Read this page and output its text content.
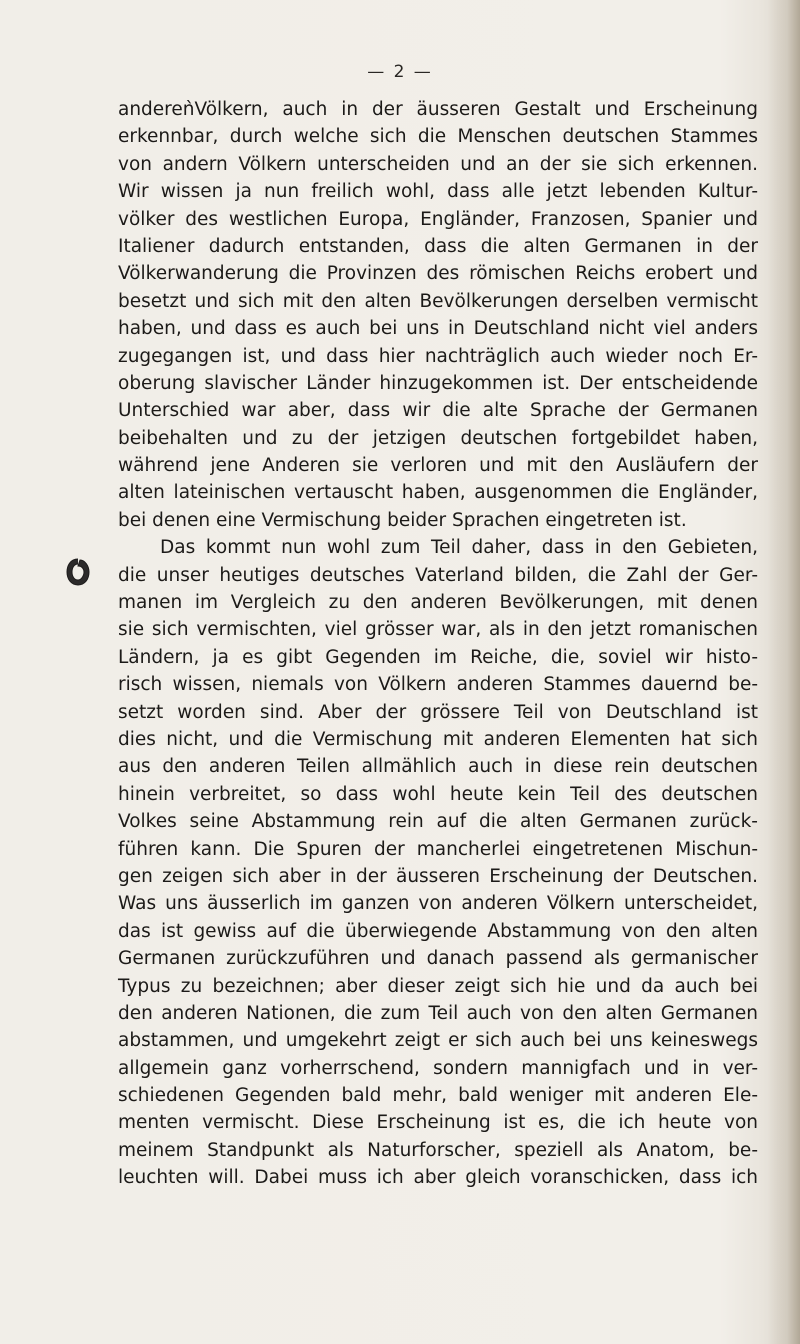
— 2 —
andereǹVölkern, auch in der äusseren Gestalt und Erscheinung
erkennbar, durch welche sich die Menschen deutschen Stammes
von andern Völkern unterscheiden und an der sie sich erkennen.
Wir wissen ja nun freilich wohl, dass alle jetzt lebenden Kultur-
völker des westlichen Europa, Engländer, Franzosen, Spanier und
Italiener dadurch entstanden, dass die alten Germanen in der
Völkerwanderung die Provinzen des römischen Reichs erobert und
besetzt und sich mit den alten Bevölkerungen derselben vermischt
haben, und dass es auch bei uns in Deutschland nicht viel anders
zugegangen ist, und dass hier nachträglich auch wieder noch Er-
oberung slavischer Länder hinzugekommen ist. Der entscheidende
Unterschied war aber, dass wir die alte Sprache der Germanen
beibehalten und zu der jetzigen deutschen fortgebildet haben,
während jene Anderen sie verloren und mit den Ausläufern der
alten lateinischen vertauscht haben, ausgenommen die Engländer,
bei denen eine Vermischung beider Sprachen eingetreten ist.
Das kommt nun wohl zum Teil daher, dass in den Gebieten,
die unser heutiges deutsches Vaterland bilden, die Zahl der Ger-
manen im Vergleich zu den anderen Bevölkerungen, mit denen
sie sich vermischten, viel grösser war, als in den jetzt romanischen
Ländern, ja es gibt Gegenden im Reiche, die, soviel wir histo-
risch wissen, niemals von Völkern anderen Stammes dauernd be-
setzt worden sind. Aber der grössere Teil von Deutschland ist
dies nicht, und die Vermischung mit anderen Elementen hat sich
aus den anderen Teilen allmählich auch in diese rein deutschen
hinein verbreitet, so dass wohl heute kein Teil des deutschen
Volkes seine Abstammung rein auf die alten Germanen zurück-
führen kann. Die Spuren der mancherlei eingetretenen Mischun-
gen zeigen sich aber in der äusseren Erscheinung der Deutschen.
Was uns äusserlich im ganzen von anderen Völkern unterscheidet,
das ist gewiss auf die überwiegende Abstammung von den alten
Germanen zurückzuführen und danach passend als germanischer
Typus zu bezeichnen; aber dieser zeigt sich hie und da auch bei
den anderen Nationen, die zum Teil auch von den alten Germanen
abstammen, und umgekehrt zeigt er sich auch bei uns keineswegs
allgemein ganz vorherrschend, sondern mannigfach und in ver-
schiedenen Gegenden bald mehr, bald weniger mit anderen Ele-
menten vermischt. Diese Erscheinung ist es, die ich heute von
meinem Standpunkt als Naturforscher, speziell als Anatom, be-
leuchten will. Dabei muss ich aber gleich voranschicken, dass ich
